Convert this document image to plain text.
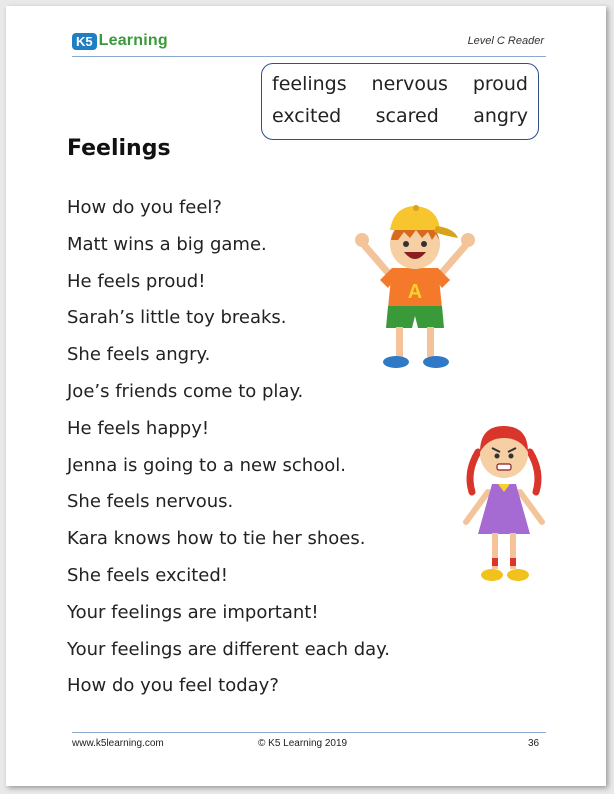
K5 Learning	Level C Reader
feelings nervous proud
excited scared angry
Feelings
How do you feel?
Matt wins a big game.
He feels proud!
Sarah’s little toy breaks.
She feels angry.
Joe’s friends come to play.
He feels happy!
Jenna is going to a new school.
She feels nervous.
Kara knows how to tie her shoes.
She feels excited!
Your feelings are important!
Your feelings are different each day.
How do you feel today?
A
www.k5learning.com	© K5 Learning 2019	36
